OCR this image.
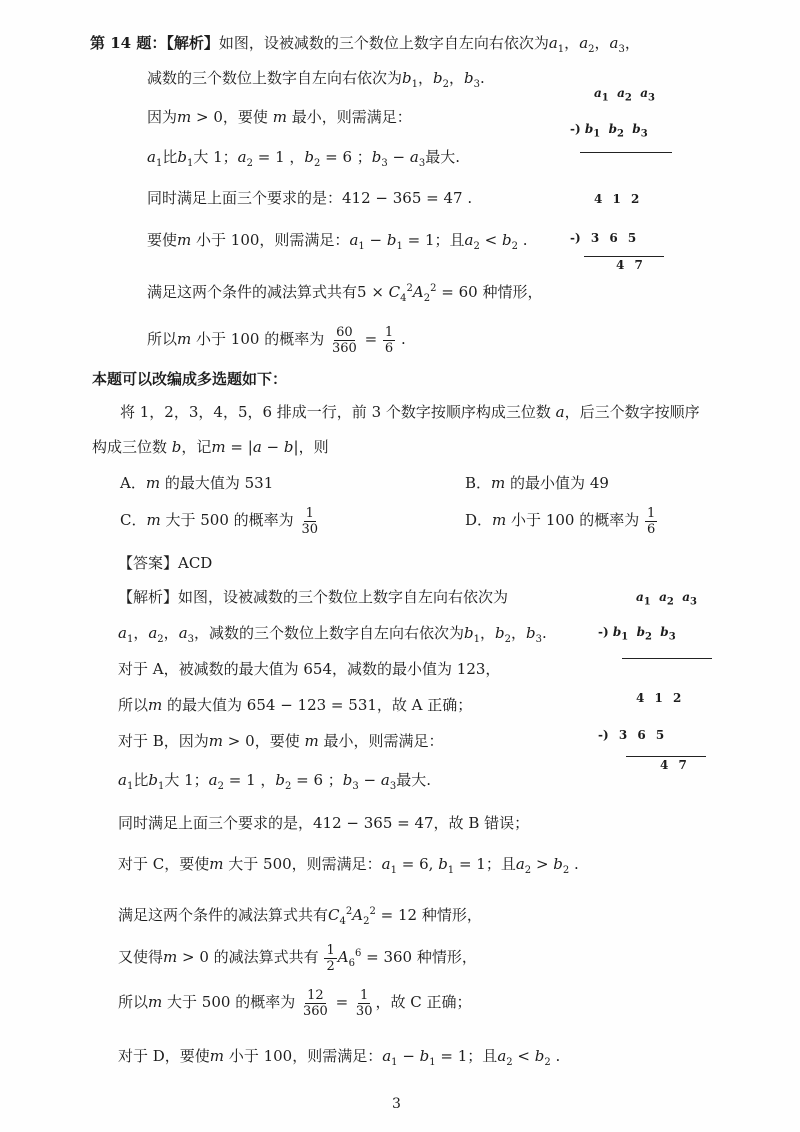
第 14 题：【解析】如图，设被减数的三个数位上数字自左向右依次为$a_1$，$a_2$，$a_3$，
减数的三个数位上数字自左向右依次为$b_1$，$b_2$，$b_3$.
因为m > 0，要使 m 最小，则需满足：
$a_1$比$b_1$大 1；$a_2 = 1$ ，$b_2 = 6$ ；$b_3 - a_3$最大.
同时满足上面三个要求的是：412 − 365 = 47 .
要使m 小于 100，则需满足：$a_1 - b_1 = 1$；且$a_2 < b_2$ .
满足这两个条件的减法算式共有$5 \times C_4^2A_2^2 = 60$ 种情形，
所以m 小于 100 的概率为 $\frac{60}{360} = \frac{1}{6}$ .
$a_1$ $a_2$ $a_3$
-) $b_1$ $b_2$ $b_3$
4 1 2
-) 3 6 5
4 7
本题可以改编成多选题如下：
将 1，2，3，4，5，6 排成一行，前 3 个数字按顺序构成三位数 a，后三个数字按顺序
构成三位数 b，记m = |a − b|，则
A．m 的最大值为 531	B．m 的最小值为 49
C．m 大于 500 的概率为 $\frac{1}{30}$	D．m 小于 100 的概率为 $\frac{1}{6}$
【答案】ACD
【解析】如图，设被减数的三个数位上数字自左向右依次为
$a_1$，$a_2$，$a_3$，减数的三个数位上数字自左向右依次为$b_1$，$b_2$，$b_3$.
对于 A，被减数的最大值为 654，减数的最小值为 123，
所以m 的最大值为 654 − 123 = 531，故 A 正确；
对于 B，因为m > 0，要使 m 最小，则需满足：
$a_1$比$b_1$大 1；$a_2 = 1$ ，$b_2 = 6$ ；$b_3 - a_3$最大.
同时满足上面三个要求的是，412 − 365 = 47，故 B 错误；
对于 C，要使m 大于 500，则需满足：$a_1 = 6$, $b_1 = 1$；且$a_2 > b_2$ .
满足这两个条件的减法算式共有$C_4^2A_2^2 = 12$ 种情形，
又使得m > 0 的减法算式共有 $\frac{1}{2} A_6^6 = 360$ 种情形，
所以m 大于 500 的概率为 $\frac{12}{360} = \frac{1}{30}$ ，故 C 正确；
对于 D，要使m 小于 100，则需满足：$a_1 - b_1 = 1$；且$a_2 < b_2$ .
$a_1$ $a_2$ $a_3$
-) $b_1$ $b_2$ $b_3$
4 1 2
-) 3 6 5
4 7
3
